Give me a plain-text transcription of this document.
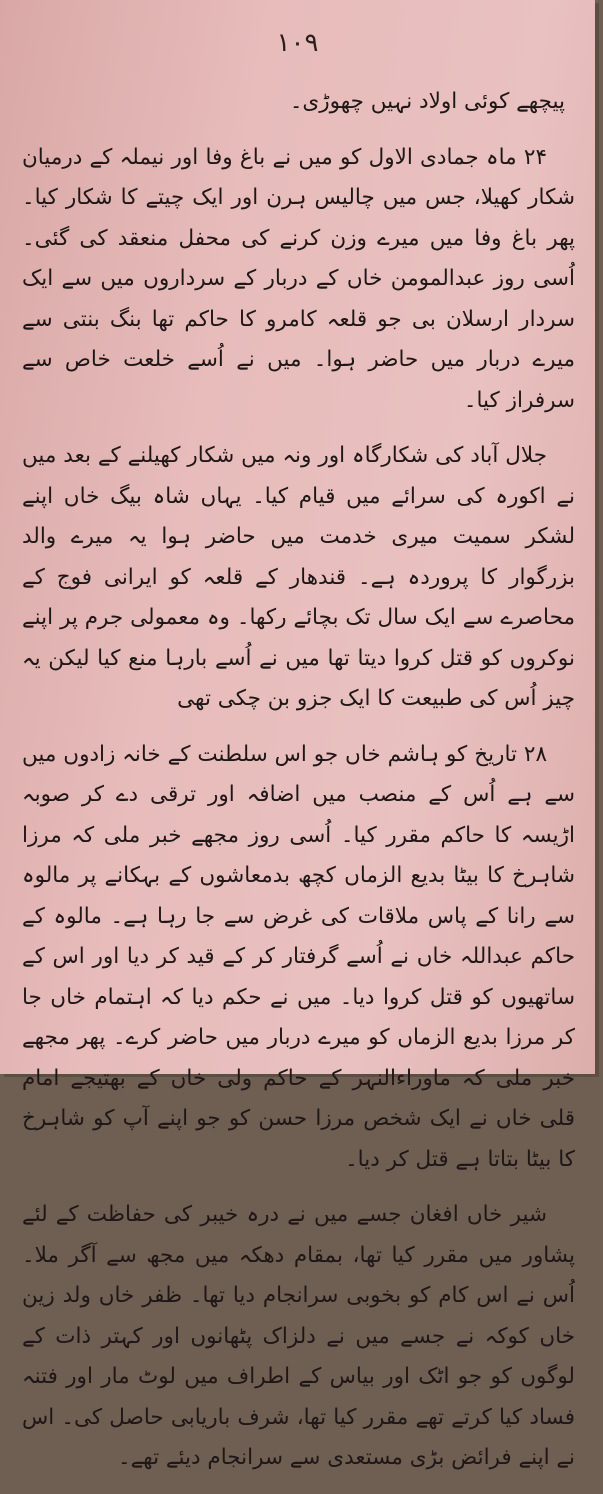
۱۰۹

پیچھے کوئی اولاد نہیں چھوڑی۔

۲۴ ماہ جمادی الاول کو میں نے باغ وفا اور نیملہ کے درمیان شکار کھیلا، جس میں چالیس ہرن اور ایک چیتے کا شکار کیا۔ پھر باغ وفا میں میرے وزن کرنے کی محفل منعقد کی گئی۔ اُسی روز عبدالمومن خاں کے دربار کے سرداروں میں سے ایک سردار ارسلان بی جو قلعہ کامرو کا حاکم تھا بنگ بنتی سے میرے دربار میں حاضر ہوا۔ میں نے اُسے خلعت خاص سے سرفراز کیا۔

جلال آباد کی شکارگاہ اور ونہ میں شکار کھیلنے کے بعد میں نے اکورہ کی سرائے میں قیام کیا۔ یہاں شاہ بیگ خاں اپنے لشکر سمیت میری خدمت میں حاضر ہوا یہ میرے والد بزرگوار کا پروردہ ہے۔ قندھار کے قلعہ کو ایرانی فوج کے محاصرے سے ایک سال تک بچائے رکھا۔ وہ معمولی جرم پر اپنے نوکروں کو قتل کروا دیتا تھا میں نے اُسے بارہا منع کیا لیکن یہ چیز اُس کی طبیعت کا ایک جزو بن چکی تھی

۲۸ تاریخ کو ہاشم خاں جو اس سلطنت کے خانہ زادوں میں سے ہے اُس کے منصب میں اضافہ اور ترقی دے کر صوبہ اڑیسہ کا حاکم مقرر کیا۔ اُسی روز مجھے خبر ملی کہ مرزا شاہرخ کا بیٹا بدیع الزماں کچھ بدمعاشوں کے بہکانے پر مالوہ سے رانا کے پاس ملاقات کی غرض سے جا رہا ہے۔ مالوہ کے حاکم عبداللہ خاں نے اُسے گرفتار کر کے قید کر دیا اور اس کے ساتھیوں کو قتل کروا دیا۔ میں نے حکم دیا کہ اہتمام خاں جا کر مرزا بدیع الزماں کو میرے دربار میں حاضر کرے۔ پھر مجھے خبر ملی کہ ماوراءالنہر کے حاکم ولی خاں کے بھتیجے امام قلی خاں نے ایک شخص مرزا حسن کو جو اپنے آپ کو شاہرخ کا بیٹا بتاتا ہے قتل کر دیا۔

شیر خاں افغان جسے میں نے درہ خیبر کی حفاظت کے لئے پشاور میں مقرر کیا تھا، بمقام دھکہ میں مجھ سے آگر ملا۔ اُس نے اس کام کو بخوبی سرانجام دیا تھا۔ ظفر خاں ولد زین خاں کوکہ نے جسے میں نے دلزاک پٹھانوں اور کہتر ذات کے لوگوں کو جو اٹک اور بیاس کے اطراف میں لوٹ مار اور فتنہ فساد کیا کرتے تھے مقرر کیا تھا، شرف باریابی حاصل کی۔ اس نے اپنے فرائض بڑی مستعدی سے سرانجام دیئے تھے۔
